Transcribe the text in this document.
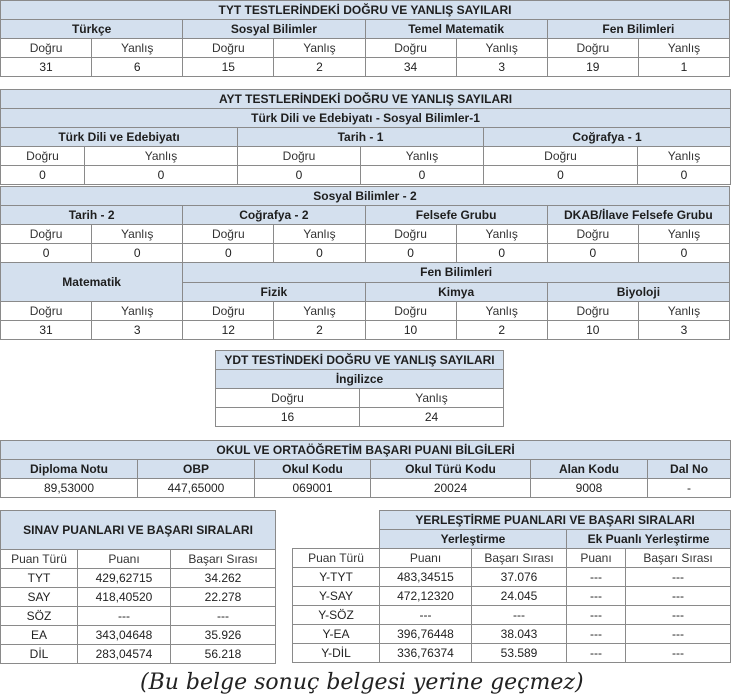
TYT TESTLERİNDEKİ DOĞRU VE YANLIŞ SAYILARI							
Türkçe		Sosyal Bilimler		Temel Matematik		Fen Bilimleri	
Doğru	Yanlış	Doğru	Yanlış	Doğru	Yanlış	Doğru	Yanlış
31	6	15	2	34	3	19	1
AYT TESTLERİNDEKİ DOĞRU VE YANLIŞ SAYILARI					
Türk Dili ve Edebiyatı - Sosyal Bilimler-1					
Türk Dili ve Edebiyatı		Tarih - 1		Coğrafya - 1	
Doğru	Yanlış	Doğru	Yanlış	Doğru	Yanlış
0	0	0	0	0	0
Sosyal Bilimler - 2							
Tarih - 2		Coğrafya - 2		Felsefe Grubu		DKAB/İlave Felsefe Grubu	
Doğru	Yanlış	Doğru	Yanlış	Doğru	Yanlış	Doğru	Yanlış
0	0	0	0	0	0	0	0
Matematik		Fen Bilimleri					
		Fizik		Kimya		Biyoloji	
Doğru	Yanlış	Doğru	Yanlış	Doğru	Yanlış	Doğru	Yanlış
31	3	12	2	10	2	10	3
YDT TESTİNDEKİ DOĞRU VE YANLIŞ SAYILARI	
İngilizce	
Doğru	Yanlış
16	24
OKUL VE ORTAÖĞRETİM BAŞARI PUANI BİLGİLERİ					
Diploma Notu	OBP	Okul Kodu	Okul Türü Kodu	Alan Kodu	Dal No
89,53000	447,65000	069001	20024	9008	-
SINAV PUANLARI VE BAŞARI SIRALARI		
Puan Türü	Puanı	Başarı Sırası
TYT	429,62715	34.262
SAY	418,40520	22.278
SÖZ	---	---
EA	343,04648	35.926
DİL	283,04574	56.218
	YERLEŞTİRME PUANLARI VE BAŞARI SIRALARI			
	Yerleştirme		Ek Puanlı Yerleştirme	
Puan Türü	Puanı	Başarı Sırası	Puanı	Başarı Sırası
Y-TYT	483,34515	37.076	---	---
Y-SAY	472,12320	24.045	---	---
Y-SÖZ	---	---	---	---
Y-EA	396,76448	38.043	---	---
Y-DİL	336,76374	53.589	---	---
(Bu belge sonuç belgesi yerine geçmez)
